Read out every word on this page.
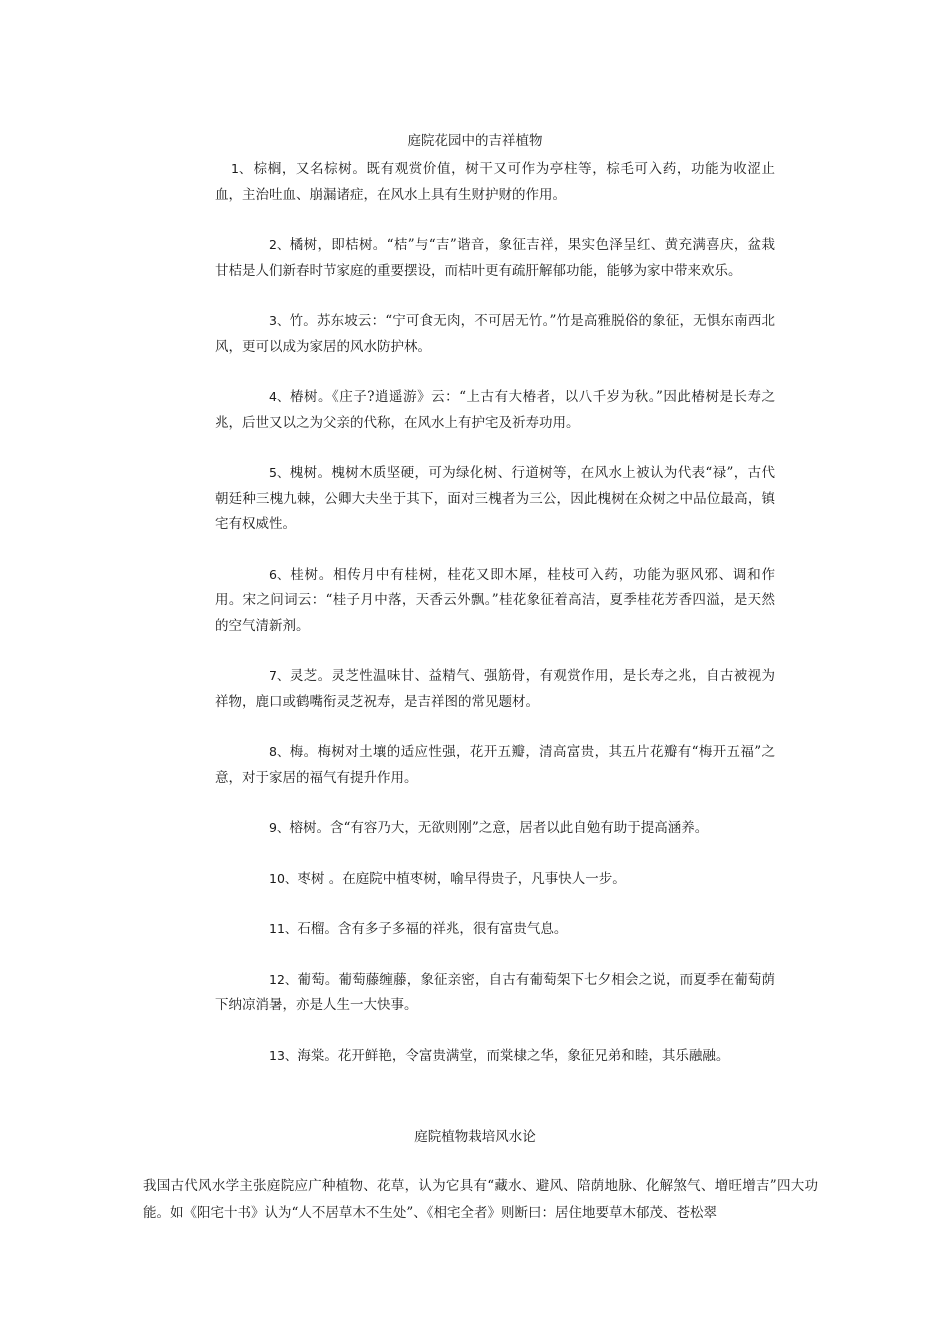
庭院花园中的吉祥植物

1、 棕榈，又名棕树。既有观赏价值，树干又可作为亭柱等，棕毛可入药，功能为收涩止血，主治吐血、崩漏诸症，在风水上具有生财护财的作用。

2、橘树，即桔树。“桔”与“吉”谐音，象征吉祥，果实色泽呈红、黄充满喜庆，盆栽甘桔是人们新春时节家庭的重要摆设，而桔叶更有疏肝解郁功能，能够为家中带来欢乐。

3、竹。苏东坡云：“宁可食无肉，不可居无竹。”竹是高雅脱俗的象征，无惧东南西北风，更可以成为家居的风水防护林。

4、椿树。《庄子?逍遥游》云：“上古有大椿者，以八千岁为秋。”因此椿树是长寿之兆，后世又以之为父亲的代称，在风水上有护宅及祈寿功用。

5、槐树。槐树木质坚硬，可为绿化树、行道树等，在风水上被认为代表“禄”，古代朝廷种三槐九棘，公卿大夫坐于其下，面对三槐者为三公，因此槐树在众树之中品位最高，镇宅有权威性。

6、桂树。相传月中有桂树，桂花又即木犀，桂枝可入药，功能为驱风邪、调和作用。宋之问词云：“桂子月中落，天香云外飘。”桂花象征着高洁，夏季桂花芳香四溢，是天然的空气清新剂。

7、灵芝。灵芝性温味甘、益精气、强筋骨，有观赏作用，是长寿之兆，自古被视为祥物，鹿口或鹤嘴衔灵芝祝寿，是吉祥图的常见题材。

8、梅。梅树对土壤的适应性强，花开五瓣，清高富贵，其五片花瓣有“梅开五福”之意，对于家居的福气有提升作用。

9、榕树。含“有容乃大，无欲则刚”之意，居者以此自勉有助于提高涵养。

10、枣树 。在庭院中植枣树，喻早得贵子，凡事快人一步。

11、石榴。含有多子多福的祥兆，很有富贵气息。

12、葡萄。葡萄藤缠藤，象征亲密，自古有葡萄架下七夕相会之说，而夏季在葡萄荫下纳凉消暑，亦是人生一大快事。

13、海棠。花开鲜艳，令富贵满堂，而棠棣之华，象征兄弟和睦，其乐融融。

庭院植物栽培风水论

我国古代风水学主张庭院应广种植物、花草，认为它具有“藏水、避风、陪荫地脉、化解煞气、增旺增吉”四大功能。如《阳宅十书》认为“人不居草木不生处”、《相宅全者》则断曰：居住地要草木郁茂、苍松翠
